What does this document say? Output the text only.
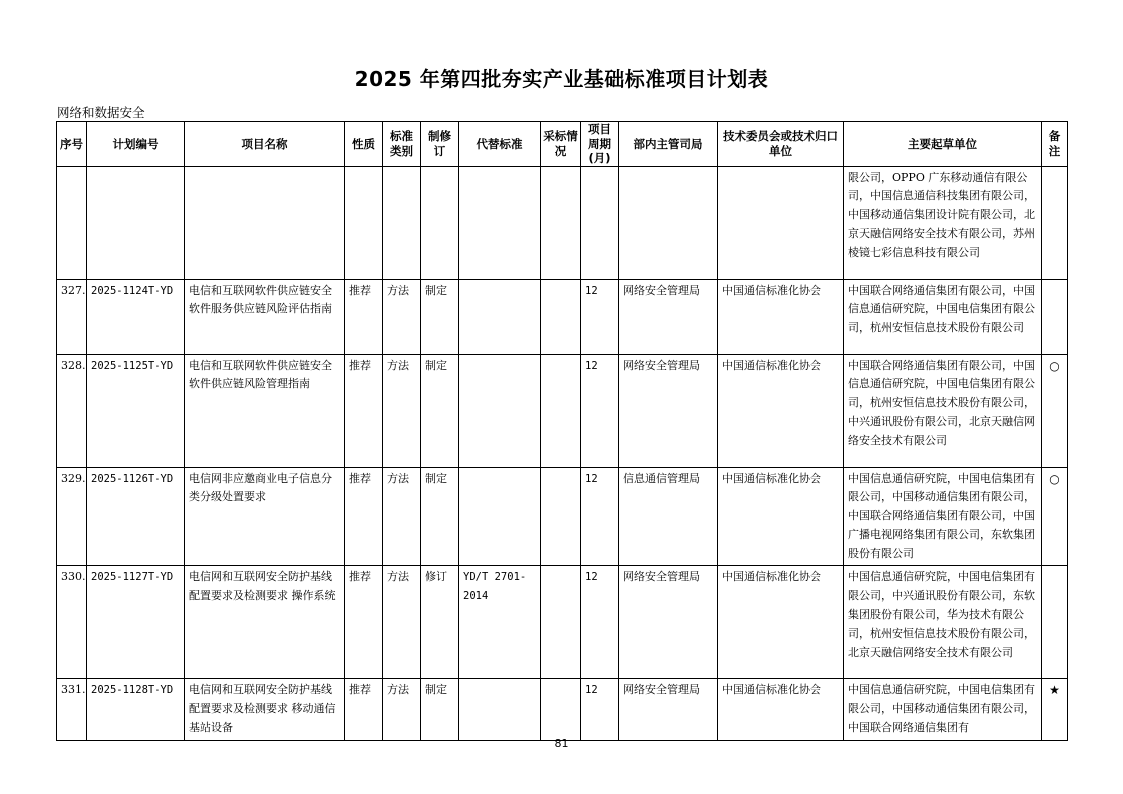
2025 年第四批夯实产业基础标准项目计划表
网络和数据安全
序号	计划编号	项目名称	性质	标准类别	制修订	代替标准	采标情况	项目周期(月)	部内主管司局	技术委员会或技术归口单位	主要起草单位	备注
											限公司，OPPO 广东移动通信有限公司，中国信息通信科技集团有限公司，中国移动通信集团设计院有限公司，北京天融信网络安全技术有限公司，苏州棱镜七彩信息科技有限公司	
327.	2025-1124T-YD	电信和互联网软件供应链安全 软件服务供应链风险评估指南	推荐	方法	制定			12	网络安全管理局	中国通信标准化协会	中国联合网络通信集团有限公司，中国信息通信研究院，中国电信集团有限公司，杭州安恒信息技术股份有限公司	
328.	2025-1125T-YD	电信和互联网软件供应链安全 软件供应链风险管理指南	推荐	方法	制定			12	网络安全管理局	中国通信标准化协会	中国联合网络通信集团有限公司，中国信息通信研究院，中国电信集团有限公司，杭州安恒信息技术股份有限公司，中兴通讯股份有限公司，北京天融信网络安全技术有限公司	○
329.	2025-1126T-YD	电信网非应邀商业电子信息分类分级处置要求	推荐	方法	制定			12	信息通信管理局	中国通信标准化协会	中国信息通信研究院，中国电信集团有限公司，中国移动通信集团有限公司，中国联合网络通信集团有限公司，中国广播电视网络集团有限公司，东软集团股份有限公司	○
330.	2025-1127T-YD	电信网和互联网安全防护基线配置要求及检测要求 操作系统	推荐	方法	修订	YD/T 2701-2014		12	网络安全管理局	中国通信标准化协会	中国信息通信研究院，中国电信集团有限公司，中兴通讯股份有限公司，东软集团股份有限公司，华为技术有限公司，杭州安恒信息技术股份有限公司，北京天融信网络安全技术有限公司	
331.	2025-1128T-YD	电信网和互联网安全防护基线配置要求及检测要求 移动通信基站设备	推荐	方法	制定			12	网络安全管理局	中国通信标准化协会	中国信息通信研究院，中国电信集团有限公司，中国移动通信集团有限公司，中国联合网络通信集团有	★
81
